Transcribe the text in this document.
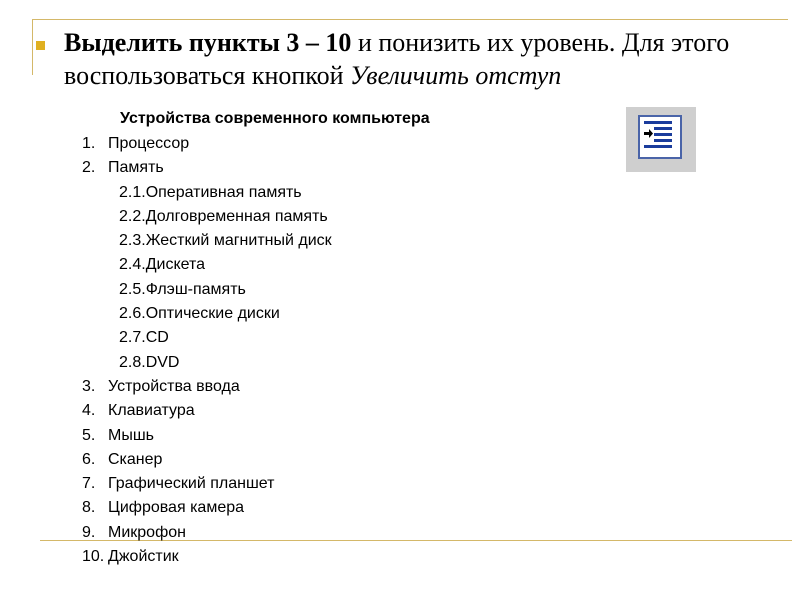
Выделить пункты 3 – 10 и понизить их уровень. Для этого воспользоваться кнопкой Увеличить отступ
Устройства современного компьютера
1. Процессор
2. Память
2.1.Оперативная память
2.2.Долговременная память
2.3.Жесткий магнитный диск
2.4.Дискета
2.5.Флэш-память
2.6.Оптические диски
2.7.CD
2.8.DVD
3. Устройства ввода
4. Клавиатура
5. Мышь
6. Сканер
7. Графический планшет
8. Цифровая камера
9. Микрофон
10. Джойстик
